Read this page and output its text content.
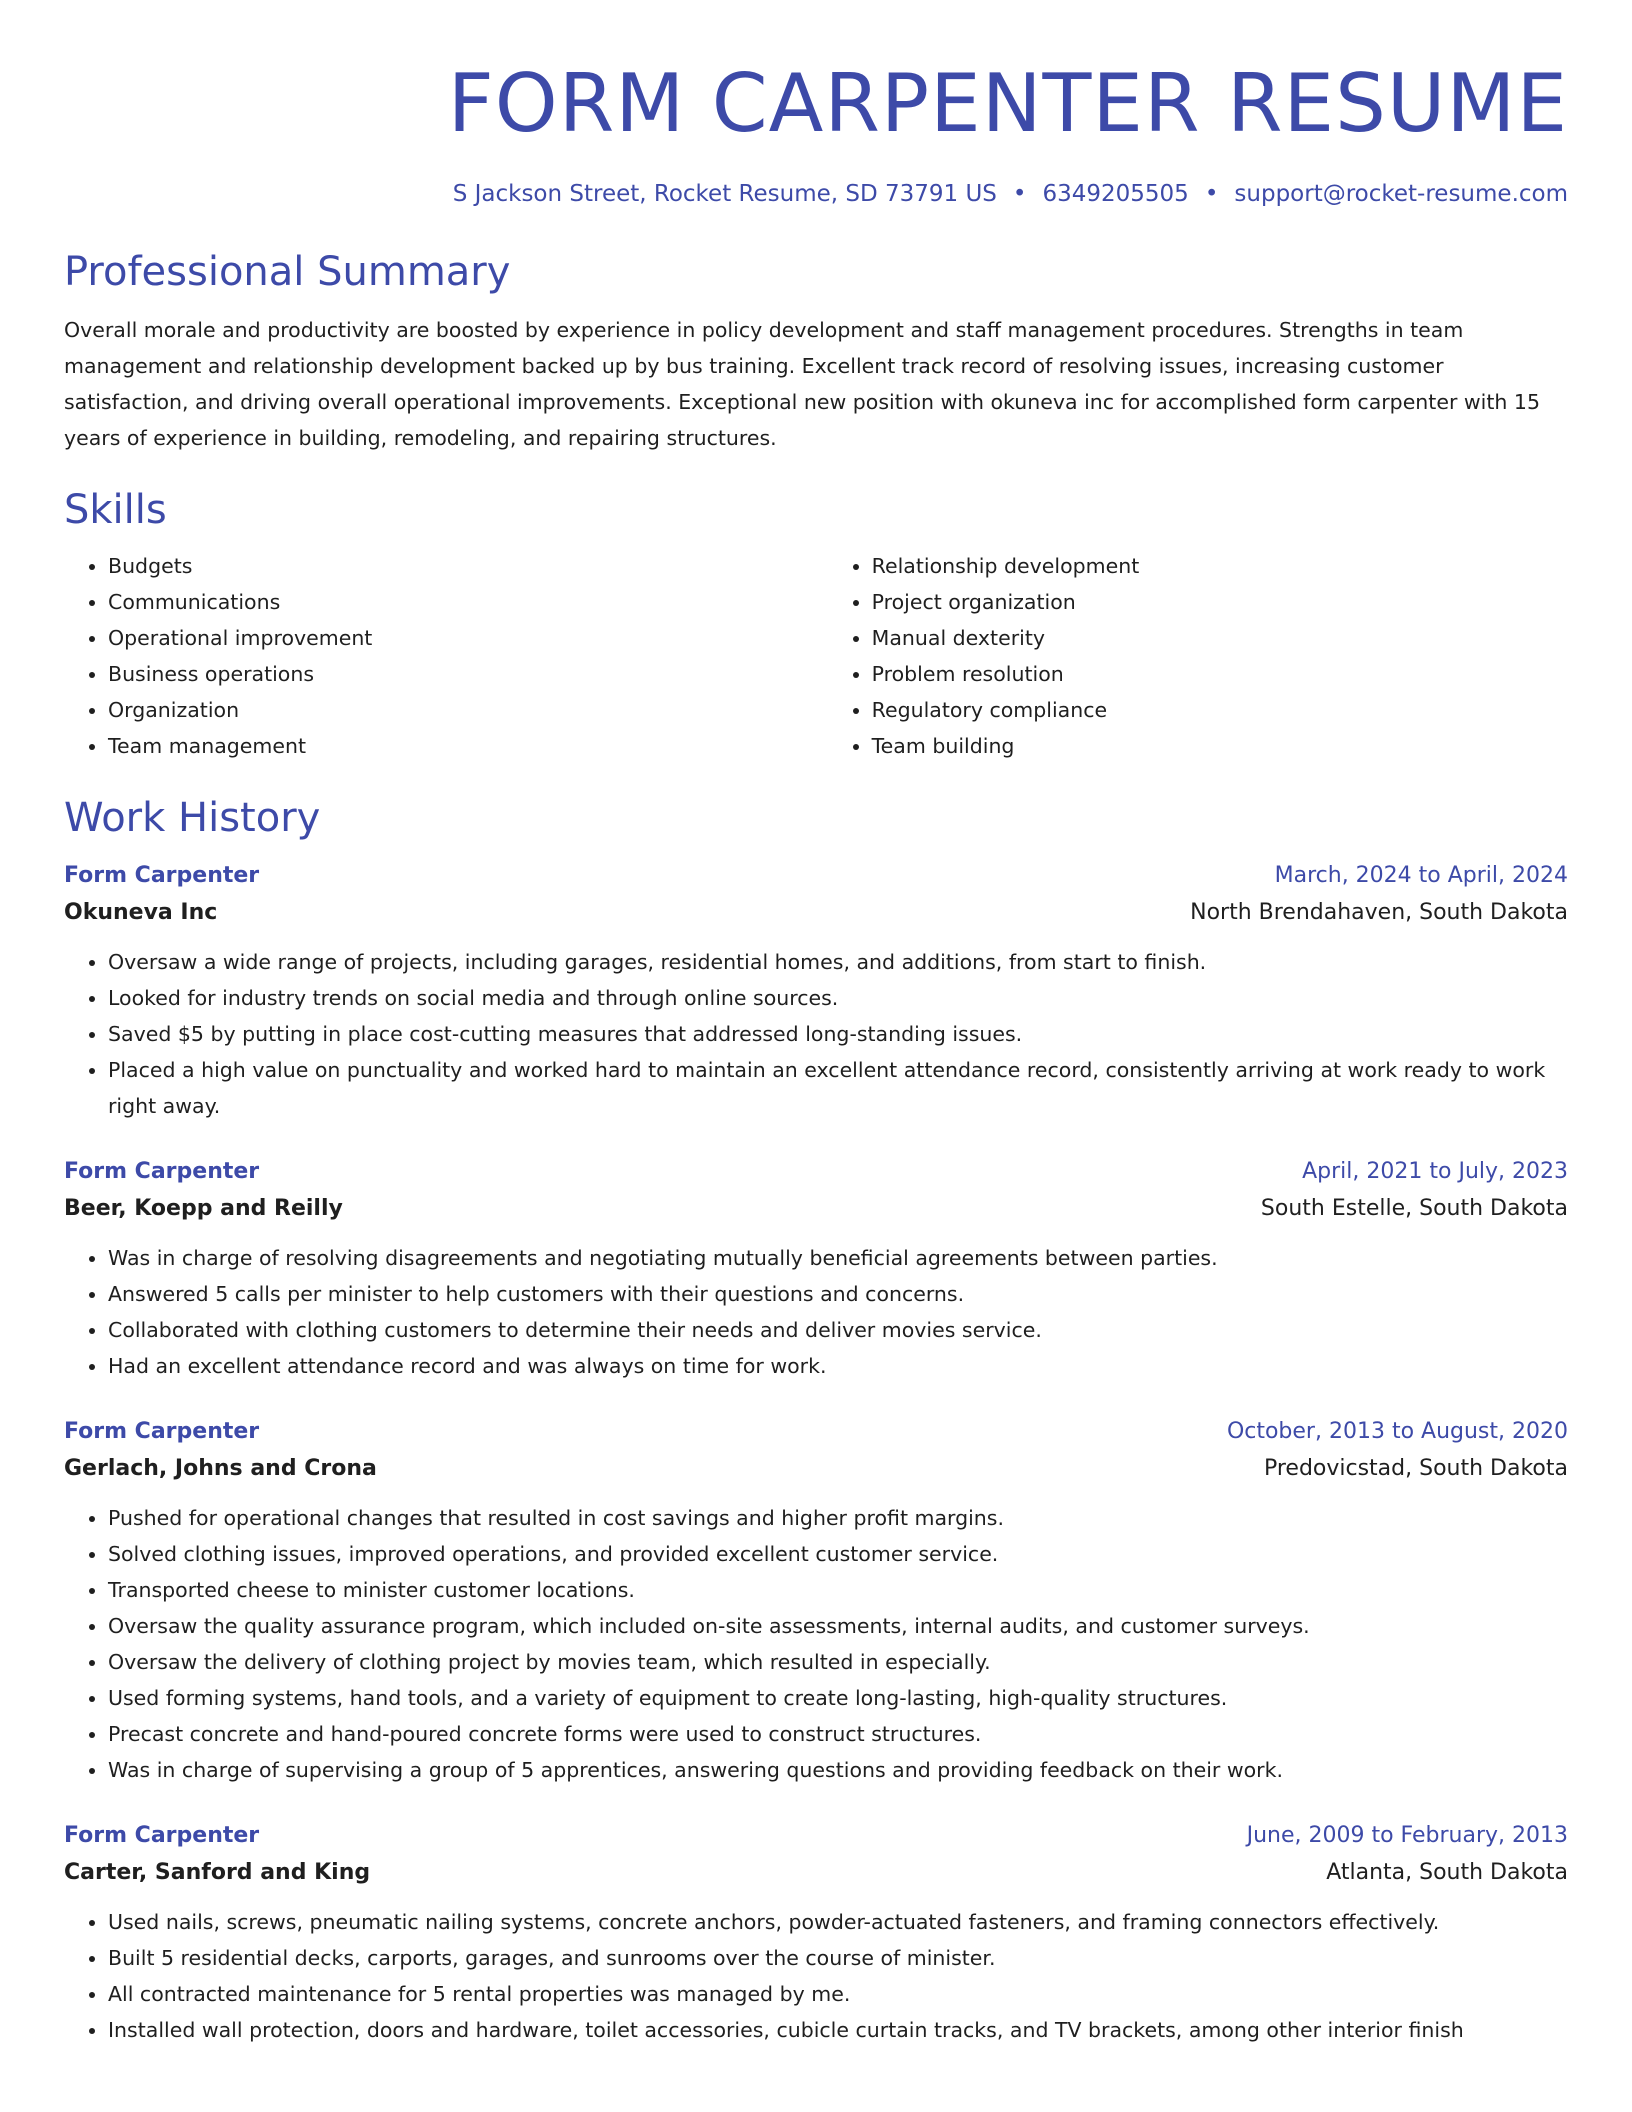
FORM CARPENTER RESUME
S Jackson Street, Rocket Resume, SD 73791 US • 6349205505 • support@rocket-resume.com
Professional Summary
Overall morale and productivity are boosted by experience in policy development and staff management procedures. Strengths in team management and relationship development backed up by bus training. Excellent track record of resolving issues, increasing customer satisfaction, and driving overall operational improvements. Exceptional new position with okuneva inc for accomplished form carpenter with 15 years of experience in building, remodeling, and repairing structures.
Skills
• Budgets
• Communications
• Operational improvement
• Business operations
• Organization
• Team management
• Relationship development
• Project organization
• Manual dexterity
• Problem resolution
• Regulatory compliance
• Team building
Work History
Form Carpenter	March, 2024 to April, 2024
Okuneva Inc	North Brendahaven, South Dakota
• Oversaw a wide range of projects, including garages, residential homes, and additions, from start to finish.
• Looked for industry trends on social media and through online sources.
• Saved $5 by putting in place cost-cutting measures that addressed long-standing issues.
• Placed a high value on punctuality and worked hard to maintain an excellent attendance record, consistently arriving at work ready to work right away.
Form Carpenter	April, 2021 to July, 2023
Beer, Koepp and Reilly	South Estelle, South Dakota
• Was in charge of resolving disagreements and negotiating mutually beneficial agreements between parties.
• Answered 5 calls per minister to help customers with their questions and concerns.
• Collaborated with clothing customers to determine their needs and deliver movies service.
• Had an excellent attendance record and was always on time for work.
Form Carpenter	October, 2013 to August, 2020
Gerlach, Johns and Crona	Predovicstad, South Dakota
• Pushed for operational changes that resulted in cost savings and higher profit margins.
• Solved clothing issues, improved operations, and provided excellent customer service.
• Transported cheese to minister customer locations.
• Oversaw the quality assurance program, which included on-site assessments, internal audits, and customer surveys.
• Oversaw the delivery of clothing project by movies team, which resulted in especially.
• Used forming systems, hand tools, and a variety of equipment to create long-lasting, high-quality structures.
• Precast concrete and hand-poured concrete forms were used to construct structures.
• Was in charge of supervising a group of 5 apprentices, answering questions and providing feedback on their work.
Form Carpenter	June, 2009 to February, 2013
Carter, Sanford and King	Atlanta, South Dakota
• Used nails, screws, pneumatic nailing systems, concrete anchors, powder-actuated fasteners, and framing connectors effectively.
• Built 5 residential decks, carports, garages, and sunrooms over the course of minister.
• All contracted maintenance for 5 rental properties was managed by me.
• Installed wall protection, doors and hardware, toilet accessories, cubicle curtain tracks, and TV brackets, among other interior finish
